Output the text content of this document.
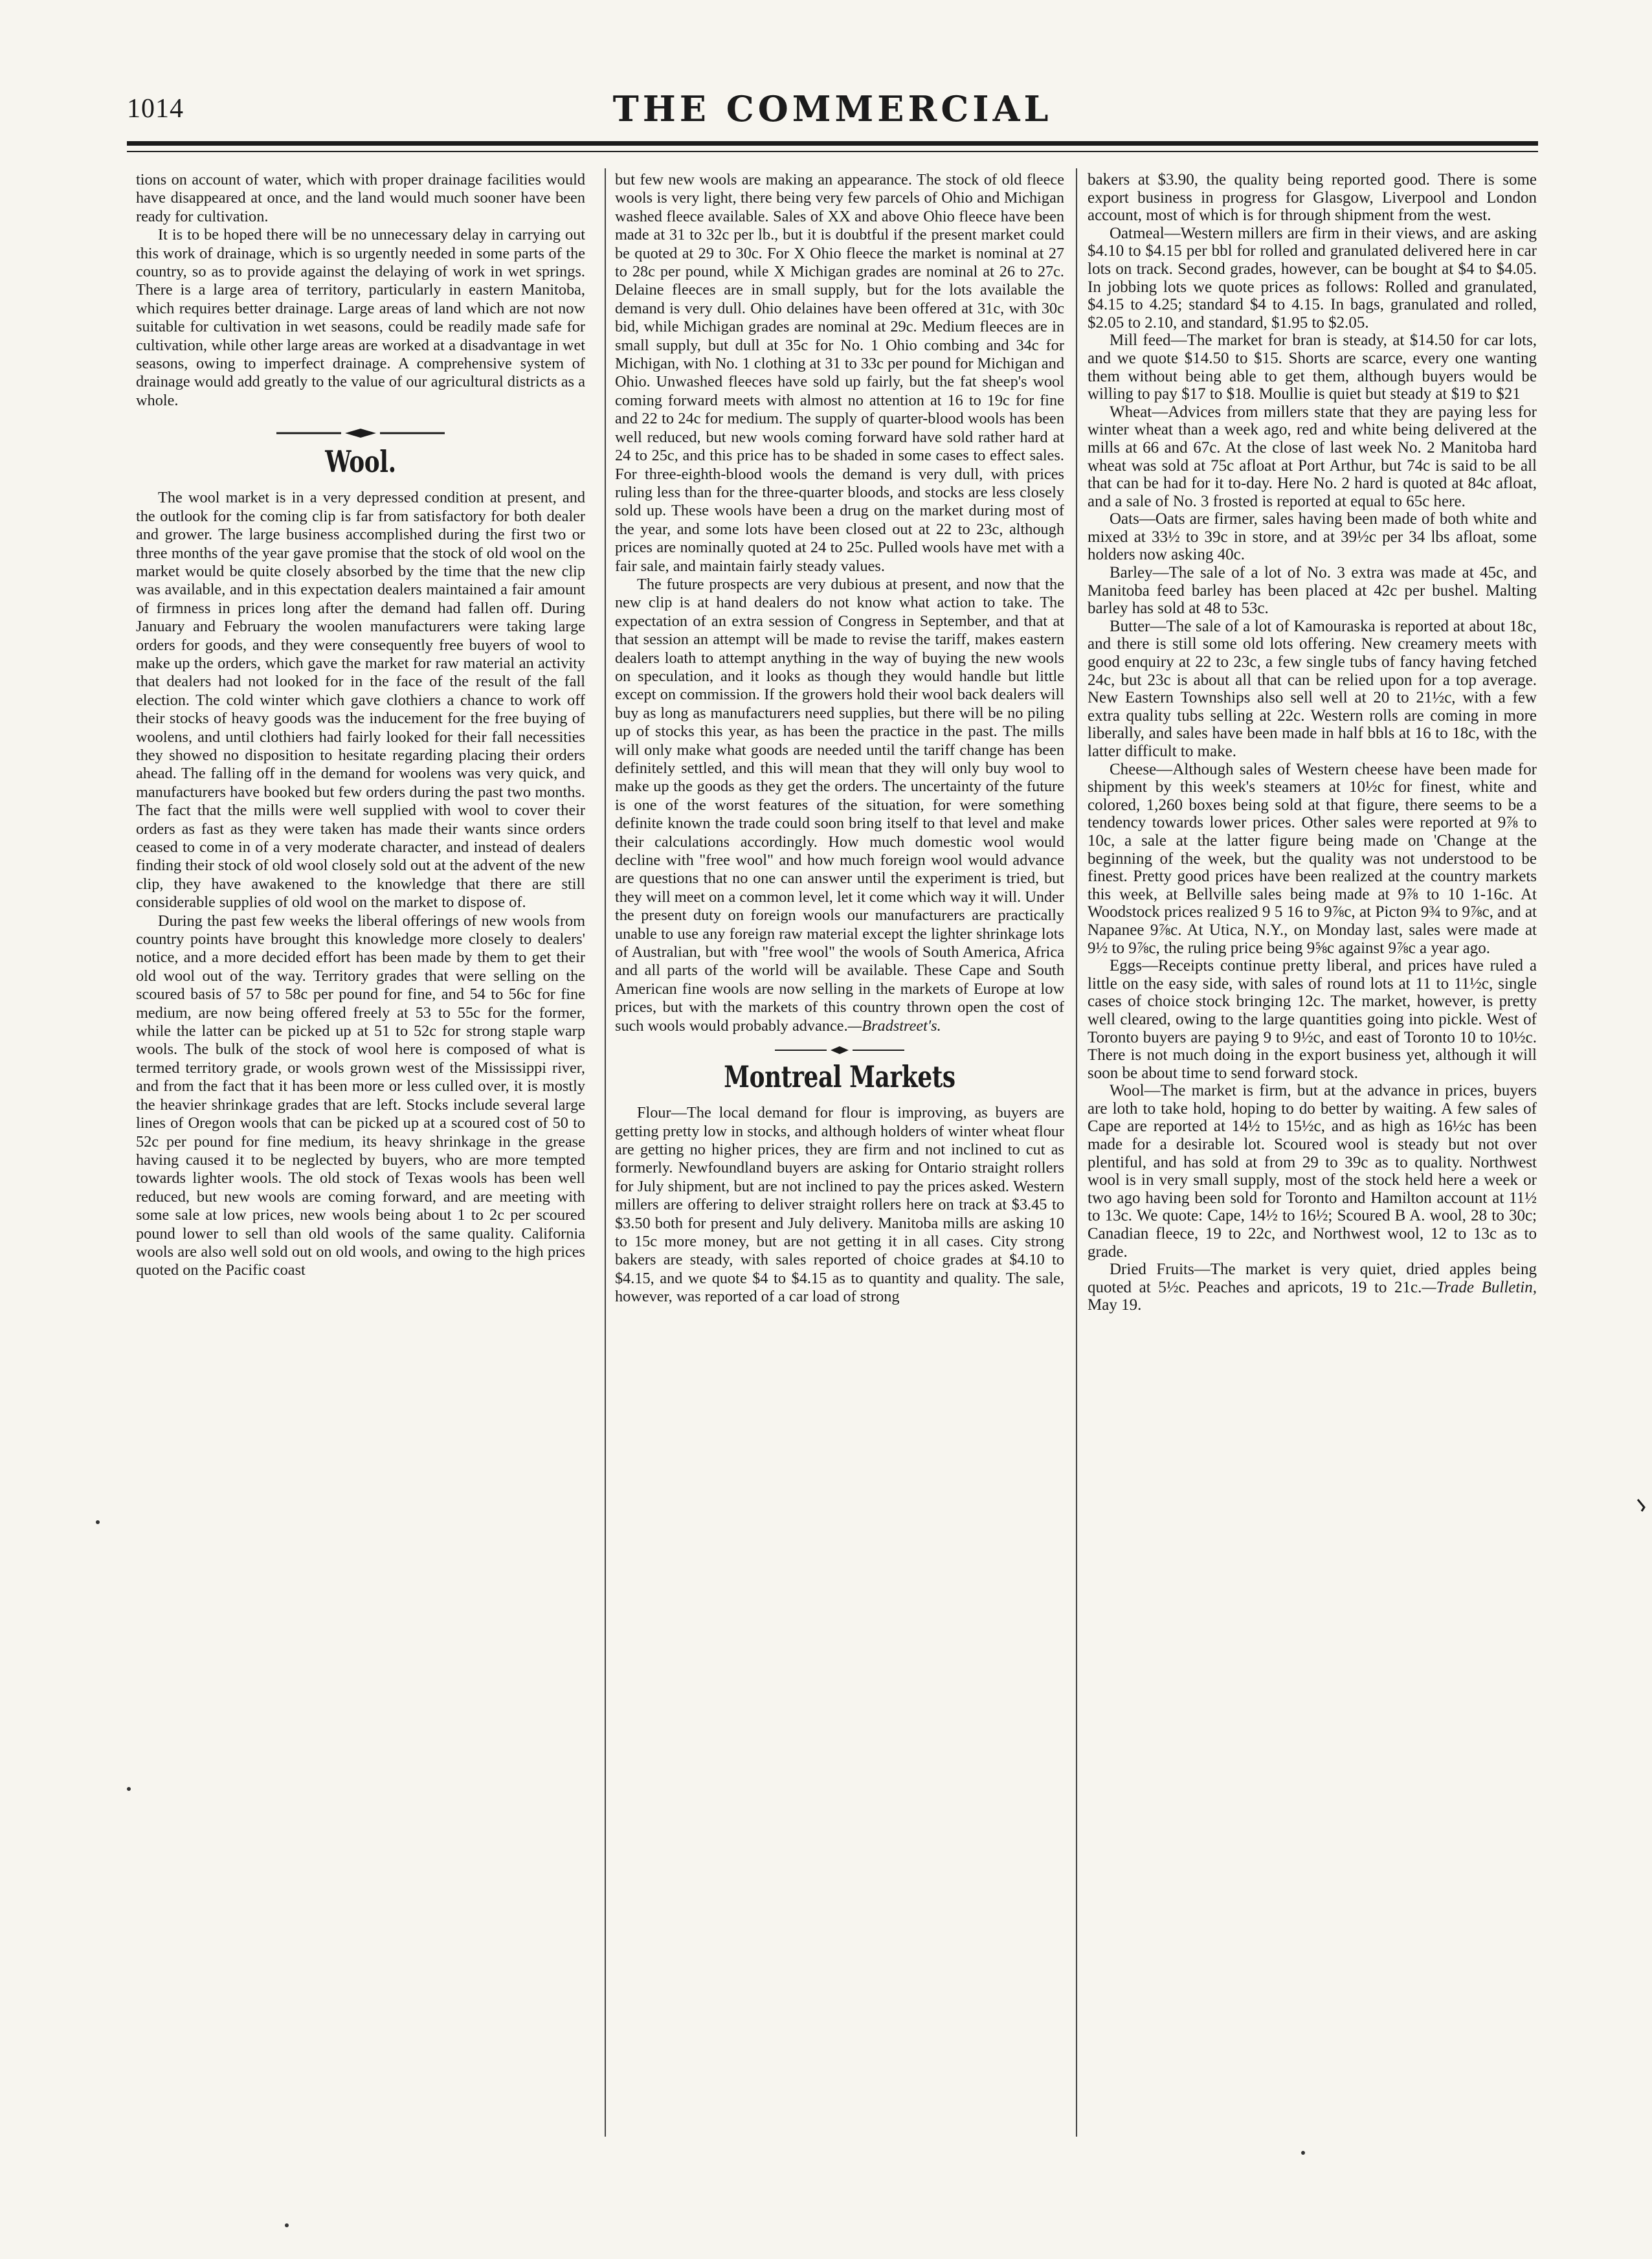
1014	THE COMMERCIAL

tions on account of water, which with proper drainage facilities would have disappeared at once, and the land would much sooner have been ready for cultivation.

It is to be hoped there will be no unnecessary delay in carrying out this work of drainage, which is so urgently needed in some parts of the country, so as to provide against the delaying of work in wet springs. There is a large area of territory, particularly in eastern Manitoba, which requires better drainage. Large areas of land which are not now suitable for cultivation in wet seasons, could be readily made safe for cultivation, while other large areas are worked at a disadvantage in wet seasons, owing to imperfect drainage. A comprehensive system of drainage would add greatly to the value of our agricultural districts as a whole.

Wool.

The wool market is in a very depressed condition at present, and the outlook for the coming clip is far from satisfactory for both dealer and grower. The large business accomplished during the first two or three months of the year gave promise that the stock of old wool on the market would be quite closely absorbed by the time that the new clip was available, and in this expectation dealers maintained a fair amount of firmness in prices long after the demand had fallen off. During January and February the woolen manufacturers were taking large orders for goods, and they were consequently free buyers of wool to make up the orders, which gave the market for raw material an activity that dealers had not looked for in the face of the result of the fall election. The cold winter which gave clothiers a chance to work off their stocks of heavy goods was the inducement for the free buying of woolens, and until clothiers had fairly looked for their fall necessities they showed no disposition to hesitate regarding placing their orders ahead. The falling off in the demand for woolens was very quick, and manufacturers have booked but few orders during the past two months. The fact that the mills were well supplied with wool to cover their orders as fast as they were taken has made their wants since orders ceased to come in of a very moderate character, and instead of dealers finding their stock of old wool closely sold out at the advent of the new clip, they have awakened to the knowledge that there are still considerable supplies of old wool on the market to dispose of.

During the past few weeks the liberal offerings of new wools from country points have brought this knowledge more closely to dealers' notice, and a more decided effort has been made by them to get their old wool out of the way. Territory grades that were selling on the scoured basis of 57 to 58c per pound for fine, and 54 to 56c for fine medium, are now being offered freely at 53 to 55c for the former, while the latter can be picked up at 51 to 52c for strong staple warp wools. The bulk of the stock of wool here is composed of what is termed territory grade, or wools grown west of the Mississippi river, and from the fact that it has been more or less culled over, it is mostly the heavier shrinkage grades that are left. Stocks include several large lines of Oregon wools that can be picked up at a scoured cost of 50 to 52c per pound for fine medium, its heavy shrinkage in the grease having caused it to be neglected by buyers, who are more tempted towards lighter wools. The old stock of Texas wools has been well reduced, but new wools are coming forward, and are meeting with some sale at low prices, new wools being about 1 to 2c per scoured pound lower to sell than old wools of the same quality. California wools are also well sold out on old wools, and owing to the high prices quoted on the Pacific coast

but few new wools are making an appearance. The stock of old fleece wools is very light, there being very few parcels of Ohio and Michigan washed fleece available. Sales of XX and above Ohio fleece have been made at 31 to 32c per lb., but it is doubtful if the present market could be quoted at 29 to 30c. For X Ohio fleece the market is nominal at 27 to 28c per pound, while X Michigan grades are nominal at 26 to 27c. Delaine fleeces are in small supply, but for the lots available the demand is very dull. Ohio delaines have been offered at 31c, with 30c bid, while Michigan grades are nominal at 29c. Medium fleeces are in small supply, but dull at 35c for No. 1 Ohio combing and 34c for Michigan, with No. 1 clothing at 31 to 33c per pound for Michigan and Ohio. Unwashed fleeces have sold up fairly, but the fat sheep's wool coming forward meets with almost no attention at 16 to 19c for fine and 22 to 24c for medium. The supply of quarter-blood wools has been well reduced, but new wools coming forward have sold rather hard at 24 to 25c, and this price has to be shaded in some cases to effect sales. For three-eighth-blood wools the demand is very dull, with prices ruling less than for the three-quarter bloods, and stocks are less closely sold up. These wools have been a drug on the market during most of the year, and some lots have been closed out at 22 to 23c, although prices are nominally quoted at 24 to 25c. Pulled wools have met with a fair sale, and maintain fairly steady values.

The future prospects are very dubious at present, and now that the new clip is at hand dealers do not know what action to take. The expectation of an extra session of Congress in September, and that at that session an attempt will be made to revise the tariff, makes eastern dealers loath to attempt anything in the way of buying the new wools on speculation, and it looks as though they would handle but little except on commission. If the growers hold their wool back dealers will buy as long as manufacturers need supplies, but there will be no piling up of stocks this year, as has been the practice in the past. The mills will only make what goods are needed until the tariff change has been definitely settled, and this will mean that they will only buy wool to make up the goods as they get the orders. The uncertainty of the future is one of the worst features of the situation, for were something definite known the trade could soon bring itself to that level and make their calculations accordingly. How much domestic wool would decline with "free wool" and how much foreign wool would advance are questions that no one can answer until the experiment is tried, but they will meet on a common level, let it come which way it will. Under the present duty on foreign wools our manufacturers are practically unable to use any foreign raw material except the lighter shrinkage lots of Australian, but with "free wool" the wools of South America, Africa and all parts of the world will be available. These Cape and South American fine wools are now selling in the markets of Europe at low prices, but with the markets of this country thrown open the cost of such wools would probably advance.—Bradstreet's.

Montreal Markets

Flour—The local demand for flour is improving, as buyers are getting pretty low in stocks, and although holders of winter wheat flour are getting no higher prices, they are firm and not inclined to cut as formerly. Newfoundland buyers are asking for Ontario straight rollers for July shipment, but are not inclined to pay the prices asked. Western millers are offering to deliver straight rollers here on track at $3.45 to $3.50 both for present and July delivery. Manitoba mills are asking 10 to 15c more money, but are not getting it in all cases. City strong bakers are steady, with sales reported of choice grades at $4.10 to $4.15, and we quote $4 to $4.15 as to quantity and quality. The sale, however, was reported of a car load of strong

bakers at $3.90, the quality being reported good. There is some export business in progress for Glasgow, Liverpool and London account, most of which is for through shipment from the west.

Oatmeal—Western millers are firm in their views, and are asking $4.10 to $4.15 per bbl for rolled and granulated delivered here in car lots on track. Second grades, however, can be bought at $4 to $4.05. In jobbing lots we quote prices as follows: Rolled and granulated, $4.15 to 4.25; standard $4 to 4.15. In bags, granulated and rolled, $2.05 to 2.10, and standard, $1.95 to $2.05.

Mill feed—The market for bran is steady, at $14.50 for car lots, and we quote $14.50 to $15. Shorts are scarce, every one wanting them without being able to get them, although buyers would be willing to pay $17 to $18. Moullie is quiet but steady at $19 to $21

Wheat—Advices from millers state that they are paying less for winter wheat than a week ago, red and white being delivered at the mills at 66 and 67c. At the close of last week No. 2 Manitoba hard wheat was sold at 75c afloat at Port Arthur, but 74c is said to be all that can be had for it to-day. Here No. 2 hard is quoted at 84c afloat, and a sale of No. 3 frosted is reported at equal to 65c here.

Oats—Oats are firmer, sales having been made of both white and mixed at 33½ to 39c in store, and at 39½c per 34 lbs afloat, some holders now asking 40c.

Barley—The sale of a lot of No. 3 extra was made at 45c, and Manitoba feed barley has been placed at 42c per bushel. Malting barley has sold at 48 to 53c.

Butter—The sale of a lot of Kamouraska is reported at about 18c, and there is still some old lots offering. New creamery meets with good enquiry at 22 to 23c, a few single tubs of fancy having fetched 24c, but 23c is about all that can be relied upon for a top average. New Eastern Townships also sell well at 20 to 21½c, with a few extra quality tubs selling at 22c. Western rolls are coming in more liberally, and sales have been made in half bbls at 16 to 18c, with the latter difficult to make.

Cheese—Although sales of Western cheese have been made for shipment by this week's steamers at 10½c for finest, white and colored, 1,260 boxes being sold at that figure, there seems to be a tendency towards lower prices. Other sales were reported at 9⅞ to 10c, a sale at the latter figure being made on 'Change at the beginning of the week, but the quality was not understood to be finest. Pretty good prices have been realized at the country markets this week, at Bellville sales being made at 9⅞ to 10 1-16c. At Woodstock prices realized 9 5 16 to 9⅞c, at Picton 9¾ to 9⅞c, and at Napanee 9⅞c. At Utica, N.Y., on Monday last, sales were made at 9½ to 9⅞c, the ruling price being 9⅝c against 9⅞c a year ago.

Eggs—Receipts continue pretty liberal, and prices have ruled a little on the easy side, with sales of round lots at 11 to 11½c, single cases of choice stock bringing 12c. The market, however, is pretty well cleared, owing to the large quantities going into pickle. West of Toronto buyers are paying 9 to 9½c, and east of Toronto 10 to 10½c. There is not much doing in the export business yet, although it will soon be about time to send forward stock.

Wool—The market is firm, but at the advance in prices, buyers are loth to take hold, hoping to do better by waiting. A few sales of Cape are reported at 14½ to 15½c, and as high as 16½c has been made for a desirable lot. Scoured wool is steady but not over plentiful, and has sold at from 29 to 39c as to quality. Northwest wool is in very small supply, most of the stock held here a week or two ago having been sold for Toronto and Hamilton account at 11½ to 13c. We quote: Cape, 14½ to 16½; Scoured B A. wool, 28 to 30c; Canadian fleece, 19 to 22c, and Northwest wool, 12 to 13c as to grade.

Dried Fruits—The market is very quiet, dried apples being quoted at 5½c. Peaches and apricots, 19 to 21c.—Trade Bulletin, May 19.
